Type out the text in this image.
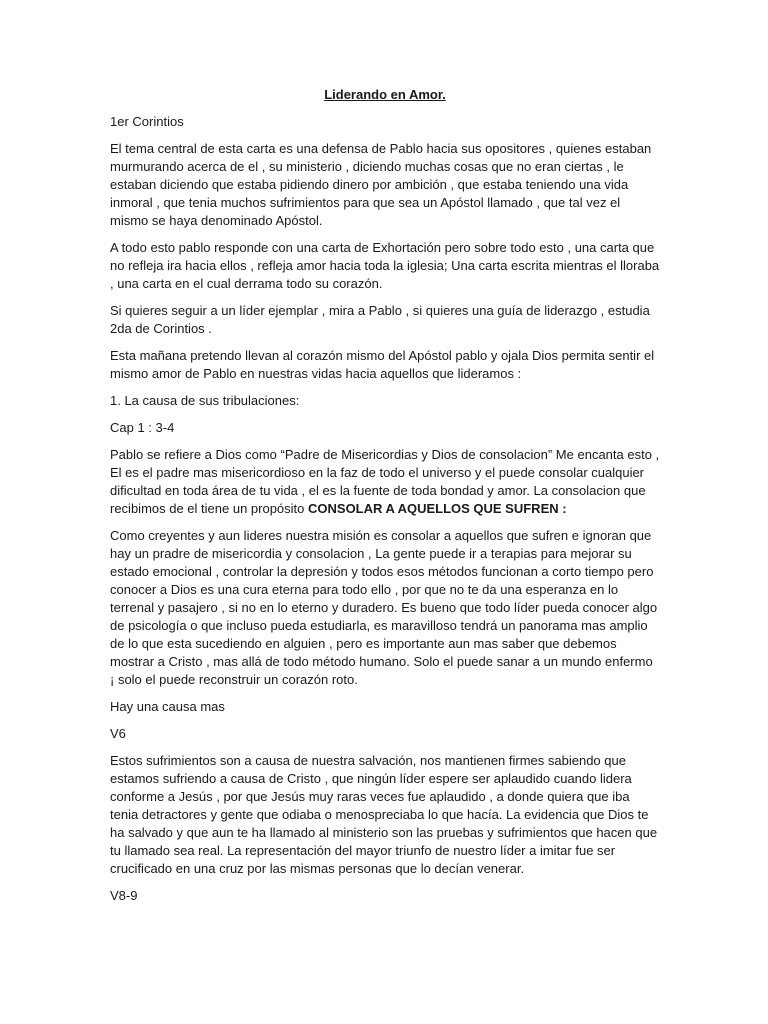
Liderando en Amor.
1er Corintios
El tema central de esta carta es una defensa de Pablo hacia sus opositores , quienes estaban murmurando acerca de el , su ministerio , diciendo muchas cosas que no eran ciertas , le estaban diciendo que estaba pidiendo dinero por ambición , que estaba teniendo una vida inmoral , que tenia muchos sufrimientos para que sea un Apóstol llamado , que tal vez el mismo se haya denominado Apóstol.
A todo esto pablo responde con una carta de Exhortación pero sobre todo esto , una carta que no refleja ira hacia ellos , refleja amor hacia toda la iglesia; Una carta escrita mientras el lloraba , una carta en el cual derrama todo su corazón.
Si quieres seguir a un líder ejemplar , mira a Pablo , si quieres una guía de liderazgo , estudia 2da de Corintios .
Esta mañana pretendo llevan al corazón mismo del Apóstol pablo y ojala Dios permita sentir el mismo amor de Pablo en nuestras vidas hacia aquellos que lideramos :
1. La causa de sus tribulaciones:
Cap 1 : 3-4
Pablo se refiere a Dios como “Padre de Misericordias y Dios de consolacion” Me encanta esto , El es el padre mas misericordioso en la faz de todo el universo y el puede consolar cualquier dificultad en toda área de tu vida , el es la fuente de toda bondad y amor. La consolacion que recibimos de el tiene un propósito CONSOLAR A AQUELLOS QUE SUFREN :
Como creyentes y aun lideres nuestra misión es consolar a aquellos que sufren e ignoran que hay un pradre de misericordia y consolacion , La gente puede ir a terapias para mejorar su estado emocional , controlar la depresión y todos esos métodos funcionan a corto tiempo pero conocer a Dios es una cura eterna para todo ello , por que no te da una esperanza en lo terrenal y pasajero , si no en lo eterno y duradero. Es bueno que todo líder pueda conocer algo de psicología o que incluso pueda estudiarla, es maravilloso tendrá un panorama mas amplio de lo que esta sucediendo en alguien , pero es importante aun mas saber que debemos mostrar a Cristo , mas allá de todo método humano. Solo el puede sanar a un mundo enfermo ¡ solo el puede reconstruir un corazón roto.
Hay una causa mas
V6
Estos sufrimientos son a causa de nuestra salvación, nos mantienen firmes sabiendo que estamos sufriendo a causa de Cristo , que ningún líder espere ser aplaudido cuando lidera conforme a Jesús , por que Jesús muy raras veces fue aplaudido , a donde quiera que iba tenia detractores y gente que odiaba o menospreciaba lo que hacía. La evidencia que Dios te ha salvado y que aun te ha llamado al ministerio son las pruebas y sufrimientos que hacen que tu llamado sea real. La representación del mayor triunfo de nuestro líder a imitar fue ser crucificado en una cruz por las mismas personas que lo decían venerar.
V8-9
